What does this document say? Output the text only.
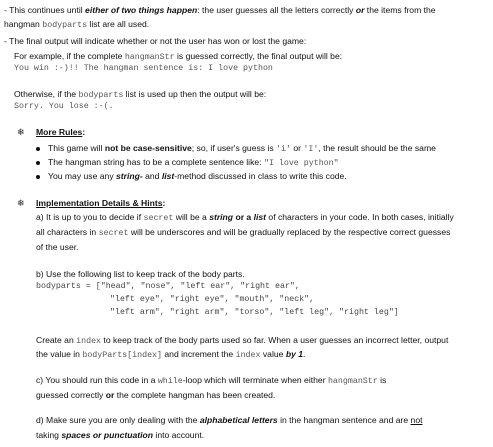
- This continues until either of two things happen: the user guesses all the letters correctly or the items from the
hangman bodyparts list are all used.
- The final output will indicate whether or not the user has won or lost the game:
For example, if the complete hangmanStr is guessed correctly, the final output will be:
You win :-)!! The hangman sentence is: I love python
Otherwise, if the bodyparts list is used up then the output will be:
Sorry. You lose :-(.
❄ More Rules:
This game will not be case-sensitive; so, if user's guess is 'i' or 'I', the result should be the same
The hangman string has to be a complete sentence like: "I love python"
You may use any string- and list-method discussed in class to write this code.
❄ Implementation Details & Hints:
a) It is up to you to decide if secret will be a string or a list of characters in your code. In both cases, initially
all characters in secret will be underscores and will be gradually replaced by the respective correct guesses
of the user.
b) Use the following list to keep track of the body parts.
bodyparts = ["head", "nose", "left ear", "right ear",
"left eye", "right eye", "mouth", "neck",
"left arm", "right arm", "torso", "left leg", "right leg"]
Create an index to keep track of the body parts used so far. When a user guesses an incorrect letter, output
the value in bodyParts[index] and increment the index value by 1.
c) You should run this code in a while-loop which will terminate when either hangmanStr is
guessed correctly or the complete hangman has been created.
d) Make sure you are only dealing with the alphabetical letters in the hangman sentence and are not
taking spaces or punctuation into account.
